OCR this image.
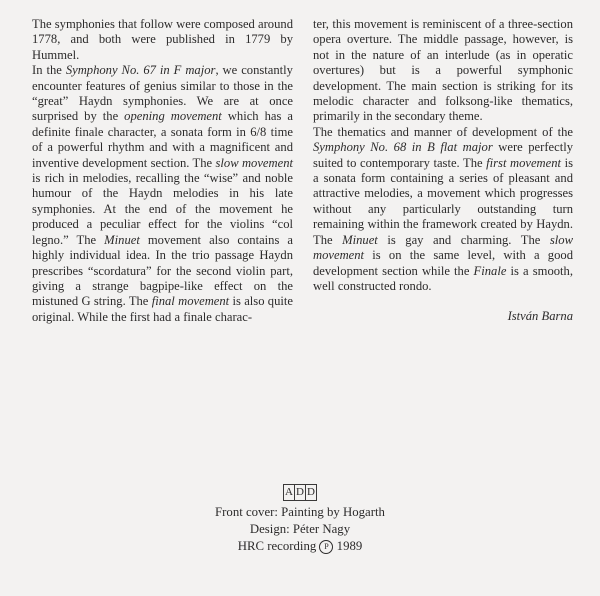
The symphonies that follow were composed around 1778, and both were published in 1779 by Hummel.

In the Symphony No. 67 in F major, we constantly encounter features of genius similar to those in the “great” Haydn symphonies. We are at once surprised by the opening movement which has a definite finale character, a sonata form in 6/8 time of a powerful rhythm and with a magnificent and inventive development section. The slow movement is rich in melodies, recalling the “wise” and noble humour of the Haydn melodies in his late symphonies. At the end of the movement he produced a peculiar effect for the violins “col legno.” The Minuet movement also contains a highly individual idea. In the trio passage Haydn prescribes “scordatura” for the second violin part, giving a strange bagpipe-like effect on the mistuned G string. The final movement is also quite original. While the first had a finale charac-

ter, this movement is reminiscent of a three-section opera overture. The middle passage, however, is not in the nature of an interlude (as in operatic overtures) but is a powerful symphonic development. The main section is striking for its melodic character and folksong-like thematics, primarily in the secondary theme.

The thematics and manner of development of the Symphony No. 68 in B flat major were perfectly suited to contemporary taste. The first movement is a sonata form containing a series of pleasant and attractive melodies, a movement which progresses without any particularly outstanding turn remaining within the framework created by Haydn. The Minuet is gay and charming. The slow movement is on the same level, with a good development section while the Finale is a smooth, well constructed rondo.

István Barna

A D D
Front cover: Painting by Hogarth
Design: Péter Nagy
HRC recording P 1989
